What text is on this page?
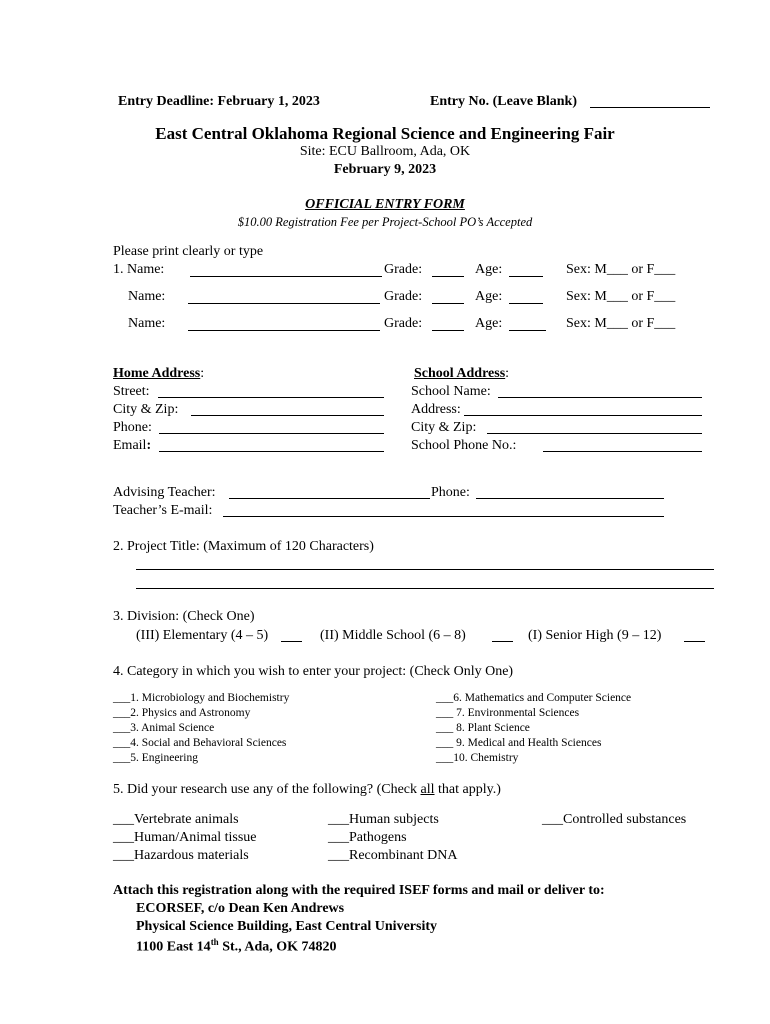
Entry Deadline: February 1, 2023	Entry No. (Leave Blank)
East Central Oklahoma Regional Science and Engineering Fair
Site: ECU Ballroom, Ada, OK
February 9, 2023
OFFICIAL ENTRY FORM
$10.00 Registration Fee per Project-School PO’s Accepted
Please print clearly or type
1. Name:	Grade:	Age:	Sex: M___ or F___
Name:	Grade:	Age:	Sex: M___ or F___
Name:	Grade:	Age:	Sex: M___ or F___
Home Address:
Street:
City & Zip:
Phone:
Email:
School Address:
School Name:
Address:
City & Zip:
School Phone No.:
Advising Teacher:	Phone:
Teacher’s E-mail:
2. Project Title: (Maximum of 120 Characters)
3. Division: (Check One)
(III) Elementary (4 – 5)	(II) Middle School (6 – 8)	(I) Senior High (9 – 12)
4. Category in which you wish to enter your project: (Check Only One)
___1. Microbiology and Biochemistry
___2. Physics and Astronomy
___3. Animal Science
___4. Social and Behavioral Sciences
___5. Engineering
___6. Mathematics and Computer Science
___ 7. Environmental Sciences
___ 8. Plant Science
___ 9. Medical and Health Sciences
___10. Chemistry
5. Did your research use any of the following? (Check all that apply.)
___Vertebrate animals
___Human/Animal tissue
___Hazardous materials
___Human subjects
___Pathogens
___Recombinant DNA
___Controlled substances
Attach this registration along with the required ISEF forms and mail or deliver to:
ECORSEF, c/o Dean Ken Andrews
Physical Science Building, East Central University
1100 East 14th St., Ada, OK 74820
